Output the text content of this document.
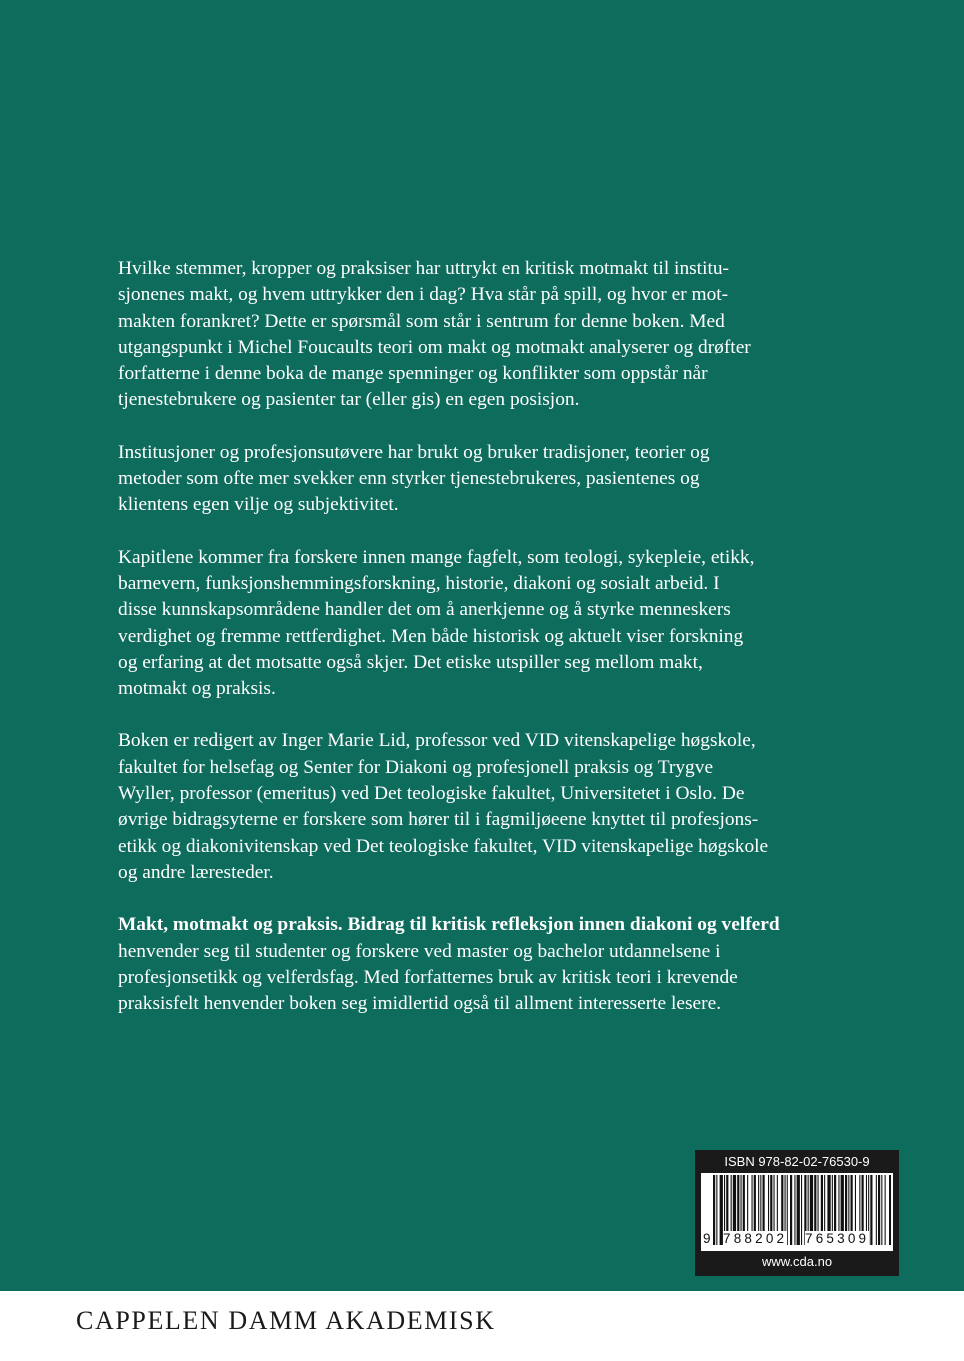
Hvilke stemmer, kropper og praksiser har uttrykt en kritisk motmakt til institu-
sjonenes makt, og hvem uttrykker den i dag? Hva står på spill, og hvor er mot-
makten forankret? Dette er spørsmål som står i sentrum for denne boken. Med
utgangspunkt i Michel Foucaults teori om makt og motmakt analyserer og drøfter
forfatterne i denne boka de mange spenninger og konflikter som oppstår når
tjenestebrukere og pasienter tar (eller gis) en egen posisjon.

Institusjoner og profesjonsutøvere har brukt og bruker tradisjoner, teorier og
metoder som ofte mer svekker enn styrker tjenestebrukeres, pasientenes og
klientens egen vilje og subjektivitet.

Kapitlene kommer fra forskere innen mange fagfelt, som teologi, sykepleie, etikk,
barnevern, funksjonshemmingsforskning, historie, diakoni og sosialt arbeid. I
disse kunnskapsområdene handler det om å anerkjenne og å styrke menneskers
verdighet og fremme rettferdighet. Men både historisk og aktuelt viser forskning
og erfaring at det motsatte også skjer. Det etiske utspiller seg mellom makt,
motmakt og praksis.

Boken er redigert av Inger Marie Lid, professor ved VID vitenskapelige høgskole,
fakultet for helsefag og Senter for Diakoni og profesjonell praksis og Trygve
Wyller, professor (emeritus) ved Det teologiske fakultet, Universitetet i Oslo. De
øvrige bidragsyterne er forskere som hører til i fagmiljøeene knyttet til profesjons-
etikk og diakonivitenskap ved Det teologiske fakultet, VID vitenskapelige høgskole
og andre læresteder.

Makt, motmakt og praksis. Bidrag til kritisk refleksjon innen diakoni og velferd
henvender seg til studenter og forskere ved master og bachelor utdannelsene i
profesjonsetikk og velferdsfag. Med forfatternes bruk av kritisk teori i krevende
praksisfelt henvender boken seg imidlertid også til allment interesserte lesere.

ISBN 978-82-02-76530-9
9 788202 765309
www.cda.no
CAPPELEN DAMM AKADEMISK
